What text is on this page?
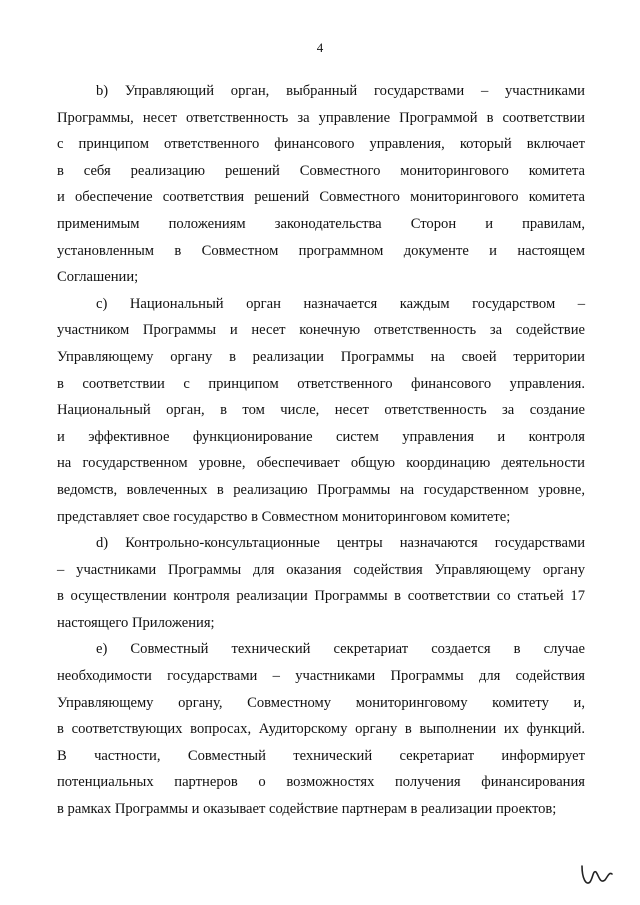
4
b) Управляющий орган, выбранный государствами – участниками
Программы, несет ответственность за управление Программой в соответствии
с принципом ответственного финансового управления, который включает
в себя реализацию решений Совместного мониторингового комитета
и обеспечение соответствия решений Совместного мониторингового комитета
применимым положениям законодательства Сторон и правилам,
установленным в Совместном программном документе и настоящем
Соглашении;
с) Национальный орган назначается каждым государством –
участником Программы и несет конечную ответственность за содействие
Управляющему органу в реализации Программы на своей территории
в соответствии с принципом ответственного финансового управления.
Национальный орган, в том числе, несет ответственность за создание
и эффективное функционирование систем управления и контроля
на государственном уровне, обеспечивает общую координацию деятельности
ведомств, вовлеченных в реализацию Программы на государственном уровне,
представляет свое государство в Совместном мониторинговом комитете;
d) Контрольно-консультационные центры назначаются государствами
– участниками Программы для оказания содействия Управляющему органу
в осуществлении контроля реализации Программы в соответствии со статьей 17
настоящего Приложения;
е) Совместный технический секретариат создается в случае
необходимости государствами – участниками Программы для содействия
Управляющему органу, Совместному мониторинговому комитету и,
в соответствующих вопросах, Аудиторскому органу в выполнении их функций.
В частности, Совместный технический секретариат информирует
потенциальных партнеров о возможностях получения финансирования
в рамках Программы и оказывает содействие партнерам в реализации проектов;
